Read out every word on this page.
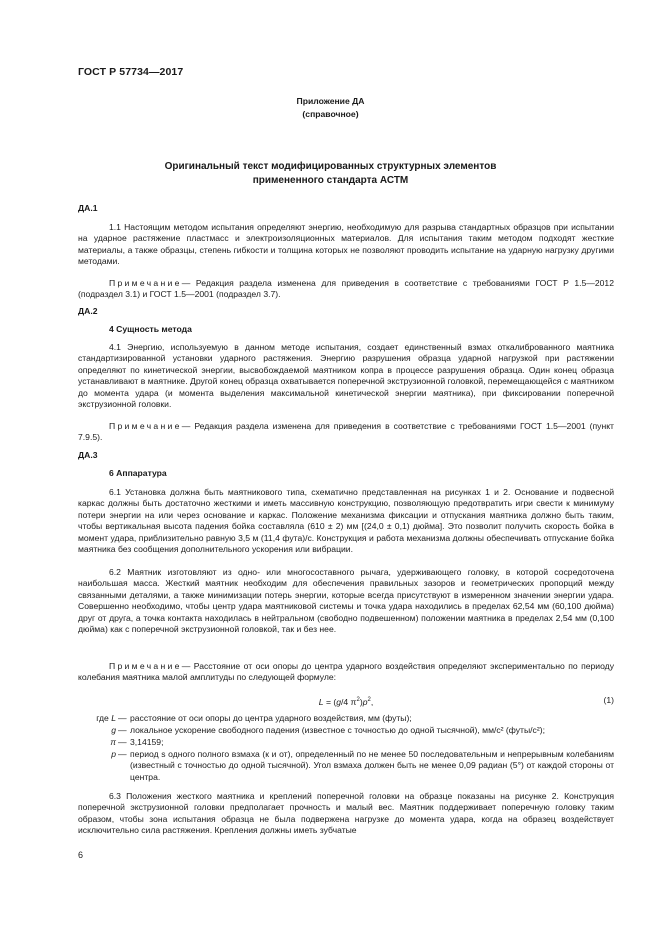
ГОСТ Р 57734—2017
Приложение ДА
(справочное)
Оригинальный текст модифицированных структурных элементов
примененного стандарта АСТМ
ДА.1

1.1 Настоящим методом испытания определяют энергию, необходимую для разрыва стандартных образцов при испытании на ударное растяжение пластмасс и электроизоляционных материалов. Для испытания таким методом подходят жесткие материалы, а также образцы, степень гибкости и толщина которых не позволяют проводить испытание на ударную нагрузку другими методами.

Примечание— Редакция раздела изменена для приведения в соответствие с требованиями ГОСТ Р 1.5—2012 (подраздел 3.1) и ГОСТ 1.5—2001 (подраздел 3.7).

ДА.2

4 Сущность метода

4.1 Энергию, используемую в данном методе испытания, создает единственный взмах откалиброванного маятника стандартизированной установки ударного растяжения. Энергию разрушения образца ударной нагрузкой при растяжении определяют по кинетической энергии, высвобождаемой маятником копра в процессе разрушения образца. Один конец образца устанавливают в маятнике. Другой конец образца охватывается поперечной экструзионной головкой, перемещающейся с маятником до момента удара (и момента выделения максимальной кинетической энергии маятника), при фиксировании поперечной экструзионной головки.

Примечание— Редакция раздела изменена для приведения в соответствие с требованиями ГОСТ 1.5—2001 (пункт 7.9.5).

ДА.3

6 Аппаратура

6.1 Установка должна быть маятникового типа, схематично представленная на рисунках 1 и 2. Основание и подвесной каркас должны быть достаточно жесткими и иметь массивную конструкцию, позволяющую предотвратить игри свести к минимуму потери энергии на или через основание и каркас. Положение механизма фиксации и отпускания маятника должно быть таким, чтобы вертикальная высота падения бойка составляла (610 ± 2) мм [(24,0 ± 0,1) дюйма]. Это позволит получить скорость бойка в момент удара, приблизительно равную 3,5 м (11,4 фута)/с. Конструкция и работа механизма должны обеспечивать отпускание бойка маятника без сообщения дополнительного ускорения или вибрации.

6.2 Маятник изготовляют из одно- или многосоставного рычага, удерживающего головку, в которой сосредоточена наибольшая масса. Жесткий маятник необходим для обеспечения правильных зазоров и геометрических пропорций между связанными деталями, а также минимизации потерь энергии, которые всегда присутствуют в измеренном значении энергии удара. Совершенно необходимо, чтобы центр удара маятниковой системы и точка удара находились в пределах 62,54 мм (60,100 дюйма) друг от друга, а точка контакта находилась в нейтральном (свободно подвешенном) положении маятника в пределах 2,54 мм (0,100 дюйма) как с поперечной экструзионной головкой, так и без нее.

Примечание— Расстояние от оси опоры до центра ударного воздействия определяют экспериментально по периоду колебания маятника малой амплитуды по следующей формуле:

L = (g/4 $\pi^2)p^2$,	(1)
где L — расстояние от оси опоры до центра ударного воздействия, мм (футы);
g — локальное ускорение свободного падения (известное с точностью до одной тысячной), мм/с² (футы/с²);
π — 3,14159;
p — период s одного полного взмаха (к и от), определенный по не менее 50 последовательным и непрерывным колебаниям (известный с точностью до одной тысячной). Угол взмаха должен быть не менее 0,09 радиан (5°) от каждой стороны от центра.

6.3 Положения жесткого маятника и креплений поперечной головки на образце показаны на рисунке 2. Конструкция поперечной экструзионной головки предполагает прочность и малый вес. Маятник поддерживает поперечную головку таким образом, чтобы зона испытания образца не была подвержена нагрузке до момента удара, когда на образец воздействует исключительно сила растяжения. Крепления должны иметь зубчатые

6
